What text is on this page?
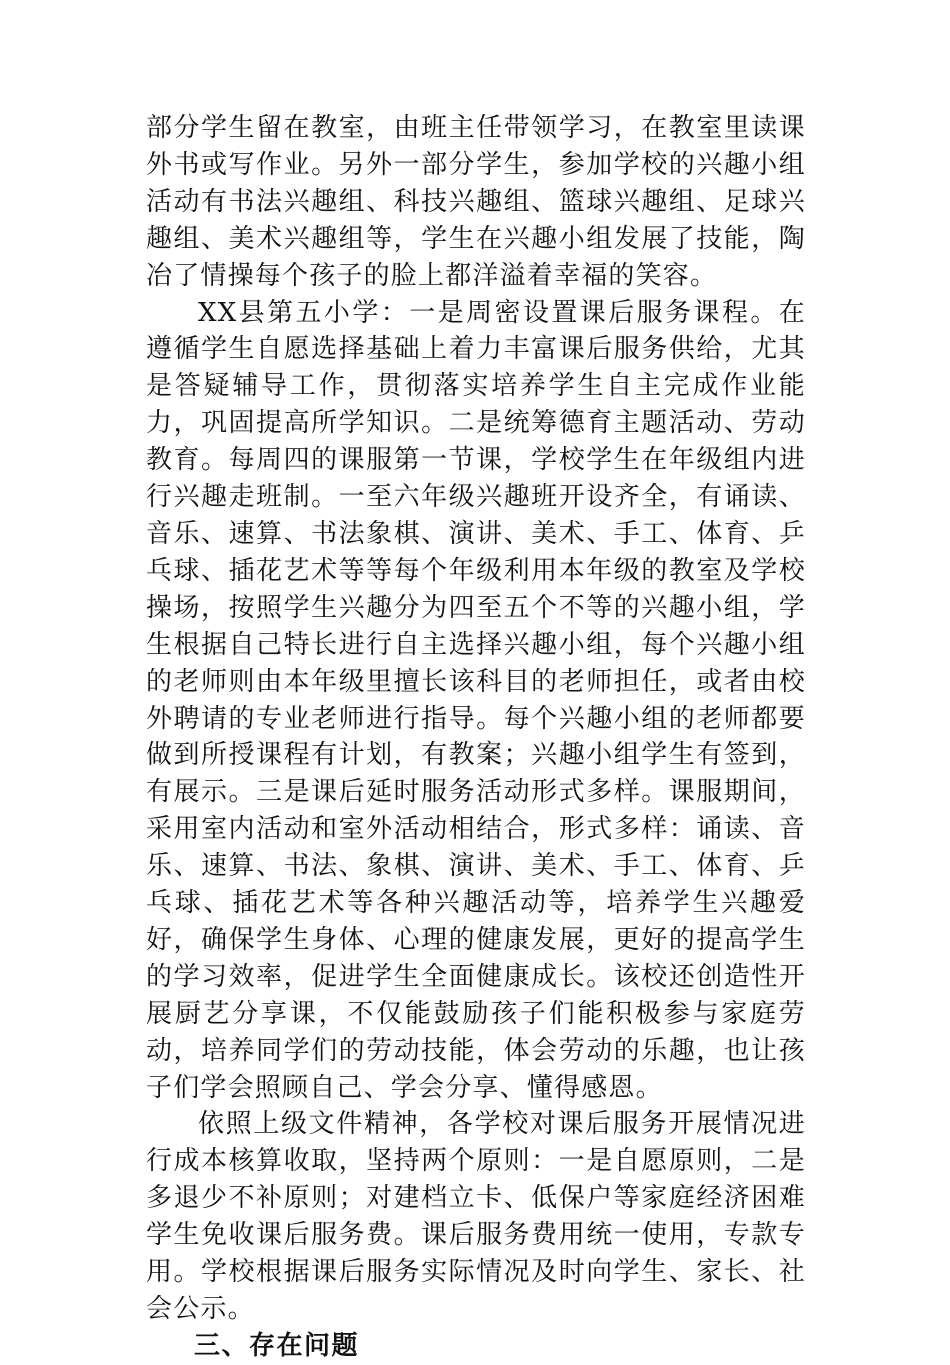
部分学生留在教室，由班主任带领学习，在教室里读课外书或写作业。另外一部分学生，参加学校的兴趣小组活动有书法兴趣组、科技兴趣组、篮球兴趣组、足球兴趣组、美术兴趣组等，学生在兴趣小组发展了技能，陶冶了情操每个孩子的脸上都洋溢着幸福的笑容。

XX县第五小学：一是周密设置课后服务课程。在遵循学生自愿选择基础上着力丰富课后服务供给，尤其是答疑辅导工作，贯彻落实培养学生自主完成作业能力，巩固提高所学知识。二是统筹德育主题活动、劳动教育。每周四的课服第一节课，学校学生在年级组内进行兴趣走班制。一至六年级兴趣班开设齐全，有诵读、音乐、速算、书法象棋、演讲、美术、手工、体育、乒乓球、插花艺术等等每个年级利用本年级的教室及学校操场，按照学生兴趣分为四至五个不等的兴趣小组，学生根据自己特长进行自主选择兴趣小组，每个兴趣小组的老师则由本年级里擅长该科目的老师担任，或者由校外聘请的专业老师进行指导。每个兴趣小组的老师都要做到所授课程有计划，有教案；兴趣小组学生有签到，有展示。三是课后延时服务活动形式多样。课服期间，采用室内活动和室外活动相结合，形式多样：诵读、音乐、速算、书法、象棋、演讲、美术、手工、体育、乒乓球、插花艺术等各种兴趣活动等，培养学生兴趣爱好，确保学生身体、心理的健康发展，更好的提高学生的学习效率，促进学生全面健康成长。该校还创造性开展厨艺分享课，不仅能鼓励孩子们能积极参与家庭劳动，培养同学们的劳动技能，体会劳动的乐趣，也让孩子们学会照顾自己、学会分享、懂得感恩。

依照上级文件精神，各学校对课后服务开展情况进行成本核算收取，坚持两个原则：一是自愿原则，二是多退少不补原则；对建档立卡、低保户等家庭经济困难学生免收课后服务费。课后服务费用统一使用，专款专用。学校根据课后服务实际情况及时向学生、家长、社会公示。

三、存在问题
